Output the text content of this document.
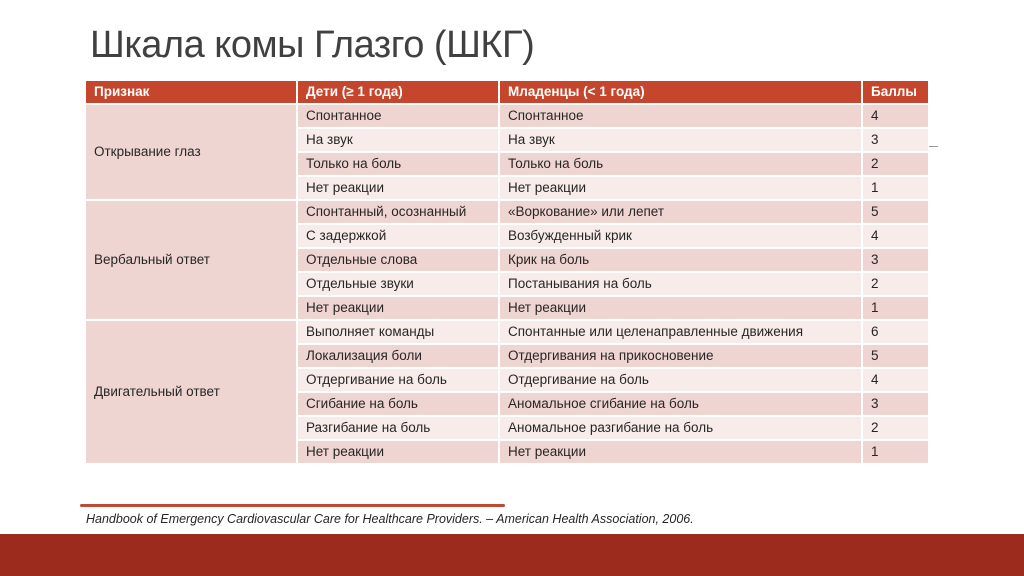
Шкала комы Глазго (ШКГ)
Признак	Дети (≥ 1 года)	Младенцы (< 1 года)	Баллы
Открывание глаз	Спонтанное	Спонтанное	4
	На звук	На звук	3
	Только на боль	Только на боль	2
	Нет реакции	Нет реакции	1
Вербальный ответ	Спонтанный, осознанный	«Воркование» или лепет	5
	С задержкой	Возбужденный крик	4
	Отдельные слова	Крик на боль	3
	Отдельные звуки	Постанывания на боль	2
	Нет реакции	Нет реакции	1
Двигательный ответ	Выполняет команды	Спонтанные или целенаправленные движения	6
	Локализация боли	Отдергивания на прикосновение	5
	Отдергивание на боль	Отдергивание на боль	4
	Сгибание на боль	Аномальное сгибание на боль	3
	Разгибание на боль	Аномальное разгибание на боль	2
	Нет реакции	Нет реакции	1
Handbook of Emergency Cardiovascular Care for Healthcare Providers. – American Health Association, 2006.
